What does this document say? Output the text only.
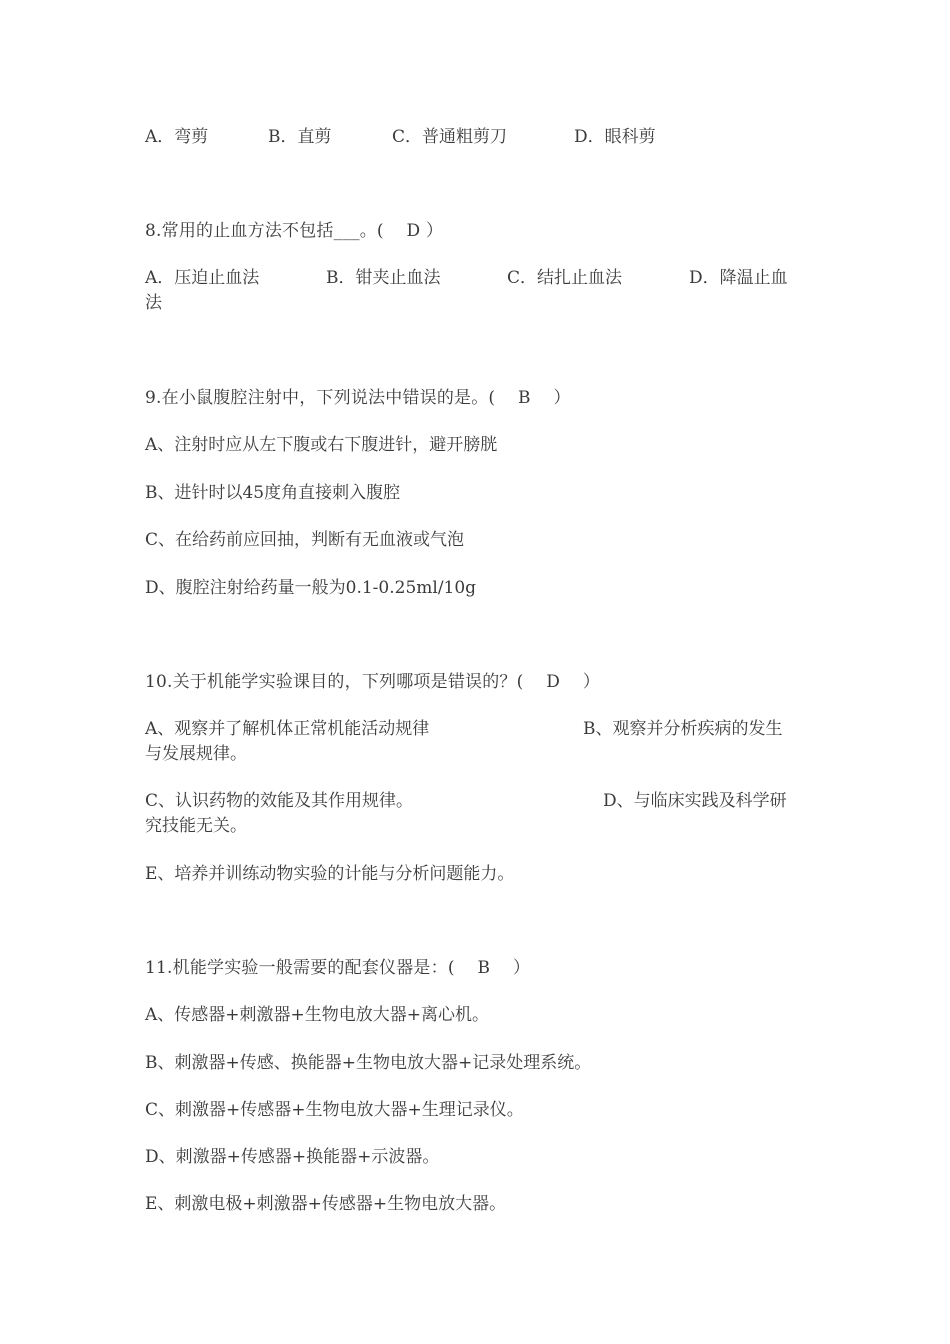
A．弯剪	B．直剪	C．普通粗剪刀	D．眼科剪
8.常用的止血方法不包括___。(　 D ）
A．压迫止血法	B．钳夹止血法	C．结扎止血法	D．降温止血
法
9.在小鼠腹腔注射中，下列说法中错误的是。(　 B　 ）
A、注射时应从左下腹或右下腹进针，避开膀胱
B、进针时以45度角直接刺入腹腔
C、在给药前应回抽，判断有无血液或气泡
D、腹腔注射给药量一般为0.1-0.25ml/10g
10.关于机能学实验课目的，下列哪项是错误的？(　 D　 ）
A、观察并了解机体正常机能活动规律	B、观察并分析疾病的发生
与发展规律。
C、认识药物的效能及其作用规律。	D、与临床实践及科学研
究技能无关。
E、培养并训练动物实验的计能与分析问题能力。
11.机能学实验一般需要的配套仪器是：(　 B　 ）
A、传感器+刺激器+生物电放大器+离心机。
B、刺激器+传感、换能器+生物电放大器+记录处理系统。
C、刺激器+传感器+生物电放大器+生理记录仪。
D、刺激器+传感器+换能器+示波器。
E、刺激电极+刺激器+传感器+生物电放大器。
